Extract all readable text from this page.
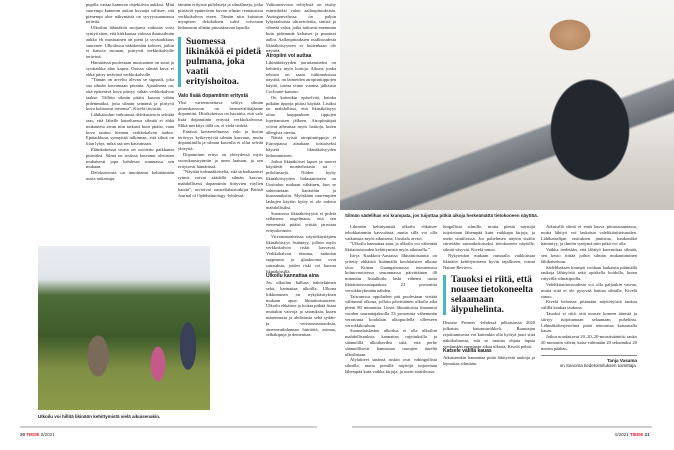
pupilla vastaa kameran objektiivin aukkoa. Mitä suurempi kameran aukon kuvaaja valitsee, sitä pienempi alue näkymästä on syvyyssuunnassa terävää.

Ulkoilun lähinäköä suojaava vaikutus voisi syntyä siten, että kirkkaassa valossa ihmissilmän aukko eli mustuainen on pieni ja syvätarkkuus suurenee. Ulkoilussa näkökentän kohteet, joihin ei katsota suoraan, piirtyvät verkkokalvolle terävinä.

Hämärässä puolestaan mustuainen on suuri ja syvätarkka alue kapea. Osassa silmää kuva ei ehkä piirry terävästi verkkokalvolle.

”Tämän on arveltu olevan se signaali, joka saa silmän kasvamaan pituutta. Ajatuksena on, että epäterävä kuva piirtyy vähän verkkokalvon taakse. Tällöin silmän pitäisi kasvaa vähän pidemmäksi, jotta silmän seinämä ja piirtyvä kuva kohtaavat toisensa”, Kivelä tiivistää.

Lähikatsolun vaikutusta defokusteoria selittää taas, että lähelle katseltaessa silmää ei ehkä mukauteta aivan niin tarkasti kuin pitäisi, vaan kuva taittuu hieman verkkokalvon taakse. Epätarkkuus synnyttää tulkinnan, että silmä on liian lyhyt, mikä saa sen kasvamaan.

Eläinkokeissa teoria on osoitettu paikkansa pitäväksi. Silmä on testissä kasvanut oletusten mukaisesti jopa kahdessa suunnassa sen mukaan.

Defokusteoria on innoittanut kehittämään uusia ratkaisuja.

tämään erityisiä piilolaseja ja silmälaseja, jotka piirtävät epäterävän kuvan silmän reunaosissa verkkokalvon eteen. Tämän niin kutsutun myopisen defokuksen tulisi toivotaan hidastavan silmän pituuskasvua lapsilla.

Suomessa likinäköä ei pidetä pulmana, joka vaatii erityishoitoa.

Valo lisää dopamiinin eritystä

Yksi varteenotettava selitys silmän pituuskasvuun on hermovälittäjäaine dopamiini. Hiirikokeissa on havaittu, että valo lisää dopamiinin eritystä verkkokalvossa. Mikä merkitys tällä on, ei vielä tiedetä.

Eräässä koeasetelmassa valo ja kuvan terävyys kytkeytyivät silmän kasvuun, mutta dopamiinilla ja silmän kasvulla ei ollut selvää yhteyttä.

Dopamiinin eritys on yhteydessä myös vuorokausirytmiin ja unen laatuun, ja sen erityisesti hämärässä.

”Näyttää todennäköiseltä, että sirkadiaaniset rytmit voivat säädellä silmän kasvua, mahdollisesti dopamiinin liittyvien väylien kautta”, arvioivat australialaistutkijat British Journal of Ophthalmology -lehdessä.

Valtioneuvosta selityksiä on etsitty esimerkiksi valon aallonpituuksista. Auringonvalossa on paljon lyhytaaltoista ultraviolettia, sinistä ja vihreää valoa, jotka taittuvat enemmän kuin pidemmät keltaiset ja punaiset aallot. Aallonpituuksien osallisuudesta likinäköisyyteen ei kuitenkaan ole näyttöä.

Atropiini voi auttaa

Likinäköisyyden jarruttamiseksi on kehitetty myös hoitoja. Aiksea, jonka tehosta on saatu tutkimuksissa näyttöä, on laimeiden atropiinitippojen käyttö, toteaa viime vuonna julkaistu Cochrane-katsaus.

On kuitenkin epäselvää, kuinka pitkään tippoja pitäisi käyttää. Lisäksi on mahdollista, että likinäköisyys ottaa harppauksen tippojen lopettamisen jälkeen. Atropiinitipat voivat aiheuttaa myös haittoja, kuten allergisia oireita.

Näistä syistä atropiinitippoja ei Euroopassa ainakaan toistaiseksi käytetä likinäköisyyden hidastamiseen.

Jotkut likinäköiset lapset ja nuoret käyttävät monitehoiasia tai -piilolinssejä. Niiden hyöty likinäköisyyden hidastamiseen on Uusitalon mukaan vähäinen, kun se suhteutetaan haittoihin ja kustannuksiin. Myöskään suurempien laskujen käytön hyöty ei ole todettu mahdollisiksi.

Suomessa likinäköisyyttä ei pidetä sellaisena ongelmana, että sen etenemistä pitäisi yrittää jarruttaa erityiskeinoin.

Viivontasaatteissa näyttökäyttäjäen likinäköisyys lisääntyy, jolloin myös verkkokalvon riskit kasvavat. Verkkokalvon irtauma, makulan rappeuma ja glaukooma ovat sairauksia, joiden riski voi kasvaa likinäköisillä.

Ulkoilu kannattaa aina

Jos ulkoilun hallusa näköeläimen sekä, kannattaa ulkoilla. Ulkona liikkuminen on nykykäsityksen mukaan apua likitaittoisuuteen. Ulkoilu ehkäisee ja hoitaa pitkää listaa muitakin vaivoja ja sairauksia, kuten masennusta ja ahdistusta sekä sydän- ja verisuonisairauksia, aineenvaihdunnan häiriöitä, astmaa, selkäkipuja ja dementiaa.

Ulkoilu voi hillitä likinäön kehittymistä vielä aikuisenakin.
20 TIEDE 5/2021
Silmän sädelihas voi krampata, jos tuijottaa pitkiä aikoja herkeämättä tietokoneen näyttöä.

Likinäön kehittymistä ulkoilu ehkäisee tehokkaimmin kasvuiässä, mutta sillä voi olla vaikutusta myös aikuisena, Uusitalo arvioi.

”Ulkoilu kannattaa aina, ja ulkoilu voi vähentää likitaittoisuuden kehittymistä myös aikuisella.”

Itä-ja Kaakkois-Aasiassa likitaittoisuutta on yritetty ehkäistä lisäämällä koululaisten ulkona oloa. Kiinan Guangzhouassa toteutetussa kolmivuotisessa seurannassa päivittäinen 40 minuutin lisäulkoilu laski vähensi uusia likitaittoisuustapauksia 23 prosenttia verrokkiryhmään nähden.

Taiwanissa oppilaiden piti puolestaan viettää välitunnit ulkona, jolloin päivittäinen ulkoilu aika piteni 80 minuuttia. Uusia likitaittoisia ilmaantui vuoden seurantajaksolla 53 prosenttia vähemmän verrattuna koululain ulkopuolella olleeseen verrokkikouluun.

Suomalaislasten ulkoilua ei olla ulkoilun mahdollisuuksia kannattaa rajoituksilla ja säännöillä ulkoiltaviksi siitä, että perhe säännöllisesti kannustaa ruutujen ääreltä ulkoilmaan.

Älylaitteet sinänsä tuskin ovat vahingollisia silmille, mutta pienillä näyttöjä tuijotetaan lähempää kuin vaikka kirjoja, ja usein sisätiloissa.

hingollisia silmille, mutta pieniä näyttöjä tuijotetaan lähempää kuin vaikkapa kirjoja, ja usein sisätiloissa. Jos puhelimen näytön sisältö siirretään samankokoiseksi tietokoneen näytölle, silmät väsyvät. Kivelä sanoo.

Nykyteidon mukaan runsaalla vaikkuistaa likinäön kehittymiseen hyvin tajalliseen, toteaa Nature Reviews.

Tauoksi ei riitä, että nousee tietokoneelta selaamaan älypuhelinta.

Disease Primers -lehdessä julkaistussa 2020 julkaistu katsausartikkeli. Ruutuajan rajoittamisesta voi kuitenkin olla hyötyä juuri siitä näkökulmasta, että se saattaa ohjata lapsia viettämään enemmän aikaa ulkona, Kivelä pohtii.

Katsele välillä kauas

Aikuistenkin kannattaa pitää lähityöstä taukoja ja lepuuttaa silmiään.

Aikuisillä silmä ei enää kasva pituussuunnassa, mutta lähityö voi laukaista valelikitaitteisuuden. Lähikatselijan rasituksen jäntistua, kaukonäkö hämärtyy, ja ilmiön syntymä niin pitkä voi olla.

Vaikka tiedetään, että lähityö kuormittaa silmää, sen kesto riittää joihin silmän mukautuminen lähikatseluun.

Sädelihaksen krampit voidaan laukaista pitämällä taukoja lähityöstä sekä opiskella hoidolla, kuten rittyvillä silmätipoilla.

Valelikitaittoisuudesta voi olla paljonkin vaivaa, mutta siitä ei ole pysyvää haittaa silmille, Kivelä sanoo.

Kivelä kehottaa pitämään näyttötyöstä taukoa välillä kaukaa taukona.

Tauoksi ei riitä, että nousee koneen äärestä ja siirtyy tuijottamaan selaamaan puhelinta. Lähinäköliesjestelmä pitää rentouttaa katsomalla kauas.

Jotkut noudattavat 20–20–20-muistisääntöä: tauko 20 minuutin välein, katse vähintään 20 sekunniksi 20 metrin päähän.

Tanja Vasama
on Sanoma tiedetoimituksen toimittaja.
5/2021 TIEDE 21
